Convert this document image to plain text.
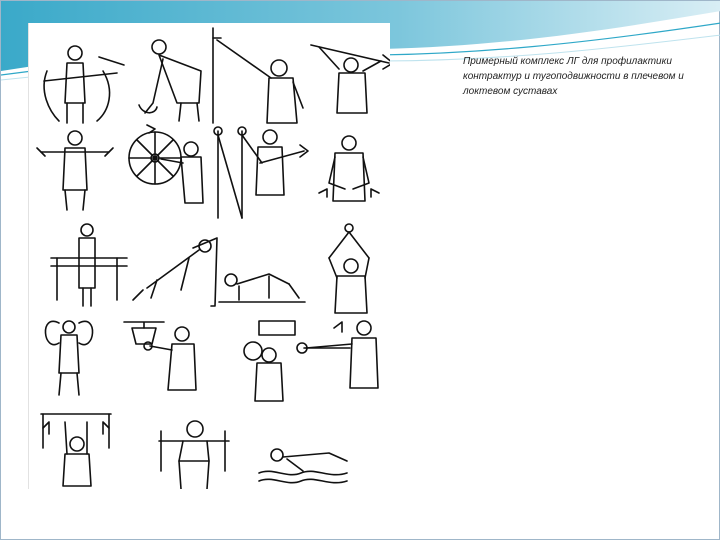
Примерный комплекс ЛГ для профилактики контрактур и тугоподвижности в плечевом и локтевом суставах
